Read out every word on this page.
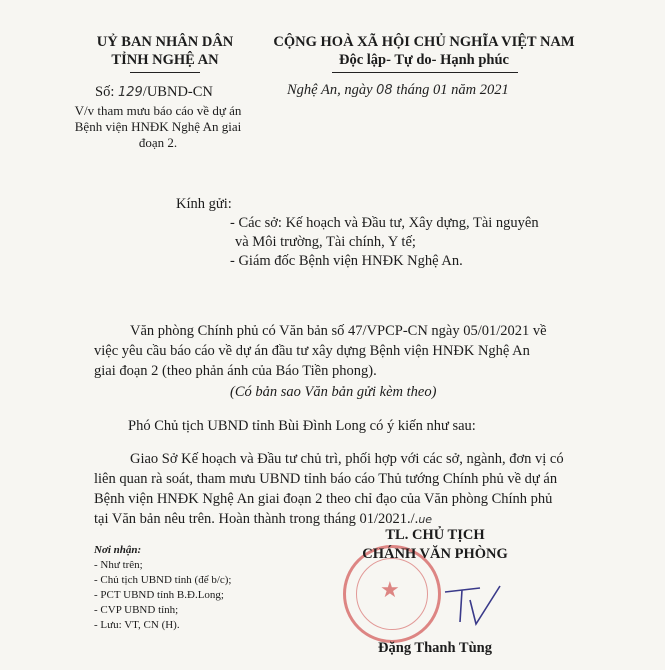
UỶ BAN NHÂN DÂN
TỈNH NGHỆ AN
CỘNG HOÀ XÃ HỘI CHỦ NGHĨA VIỆT NAM
Độc lập- Tự do- Hạnh phúc
Số: 129/UBND-CN	Nghệ An, ngày 08 tháng 01 năm 2021
V/v tham mưu báo cáo về dự án
Bệnh viện HNĐK Nghệ An giai
đoạn 2.
Kính gửi:
- Các sở: Kế hoạch và Đầu tư, Xây dựng, Tài nguyên
và Môi trường, Tài chính, Y tế;
- Giám đốc Bệnh viện HNĐK Nghệ An.
Văn phòng Chính phủ có Văn bản số 47/VPCP-CN ngày 05/01/2021 về
việc yêu cầu báo cáo về dự án đầu tư xây dựng Bệnh viện HNĐK Nghệ An
giai đoạn 2 (theo phản ánh của Báo Tiền phong).
(Có bản sao Văn bản gửi kèm theo)
Phó Chủ tịch UBND tỉnh Bùi Đình Long có ý kiến như sau:
Giao Sở Kế hoạch và Đầu tư chủ trì, phối hợp với các sở, ngành, đơn vị có
liên quan rà soát, tham mưu UBND tỉnh báo cáo Thủ tướng Chính phủ về dự án
Bệnh viện HNĐK Nghệ An giai đoạn 2 theo chỉ đạo của Văn phòng Chính phủ
tại Văn bản nêu trên. Hoàn thành trong tháng 01/2021./.ue
Nơi nhận:
- Như trên;
- Chủ tịch UBND tỉnh (để b/c);
- PCT UBND tỉnh B.Đ.Long;
- CVP UBND tỉnh;
- Lưu: VT, CN (H).
★
TL. CHỦ TỊCH
CHÁNH VĂN PHÒNG
Đặng Thanh Tùng
